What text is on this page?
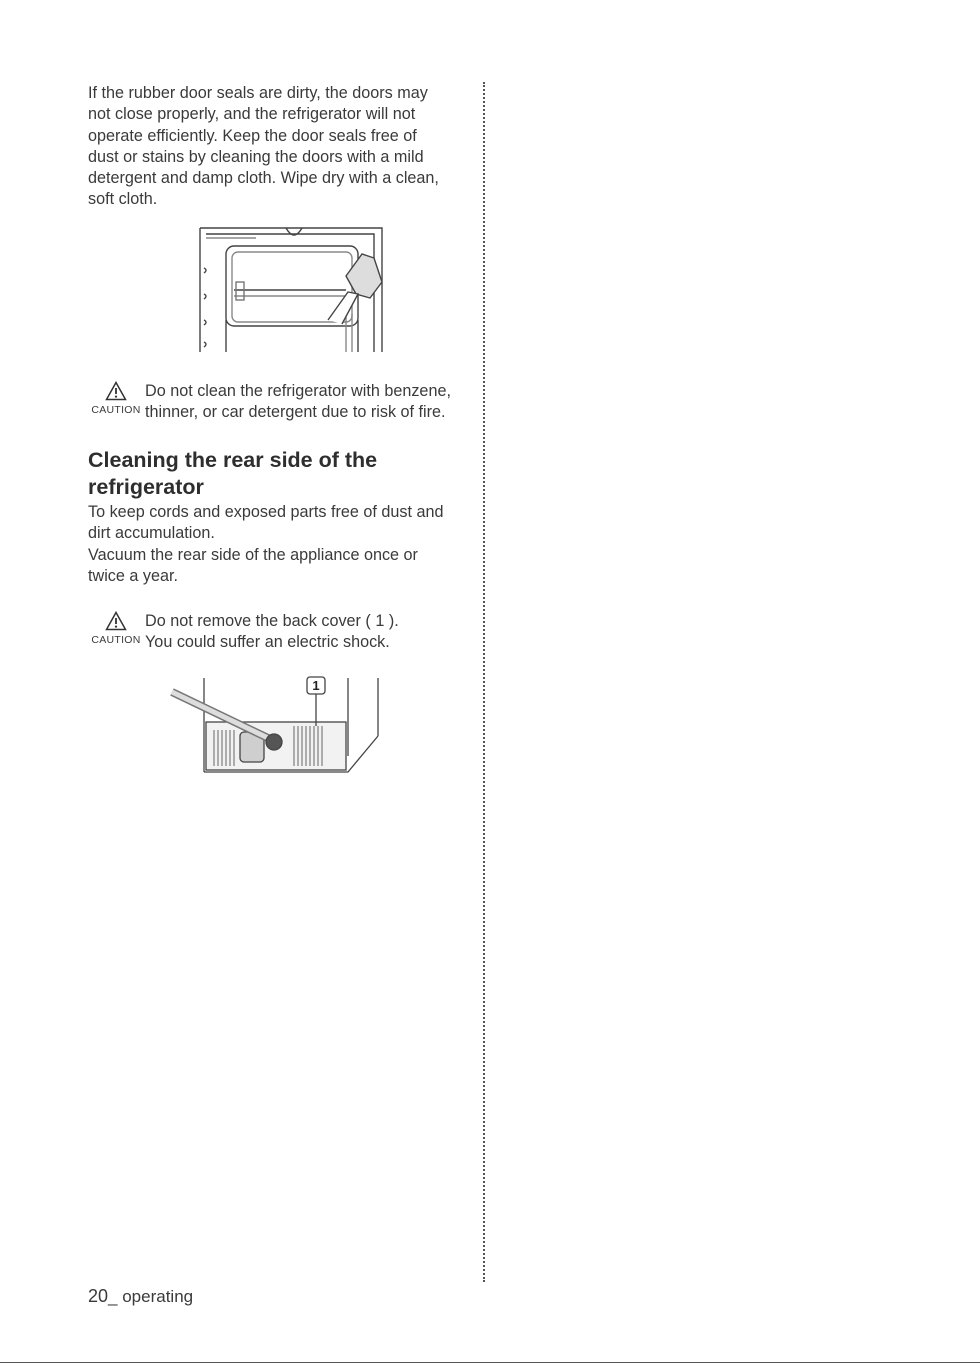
If the rubber door seals are dirty, the doors may
not close properly, and the refrigerator will not
operate efficiently. Keep the door seals free of
dust or stains by cleaning the doors with a mild
detergent and damp cloth. Wipe dry with a clean,
soft cloth.

CAUTION
Do not clean the refrigerator with benzene,
thinner, or car detergent due to risk of fire.
Cleaning the rear side of the
refrigerator

To keep cords and exposed parts free of dust and
dirt accumulation.
Vacuum the rear side of the appliance once or
twice a year.

CAUTION
Do not remove the back cover ( 1 ).
You could suffer an electric shock.
1
20_ operating
